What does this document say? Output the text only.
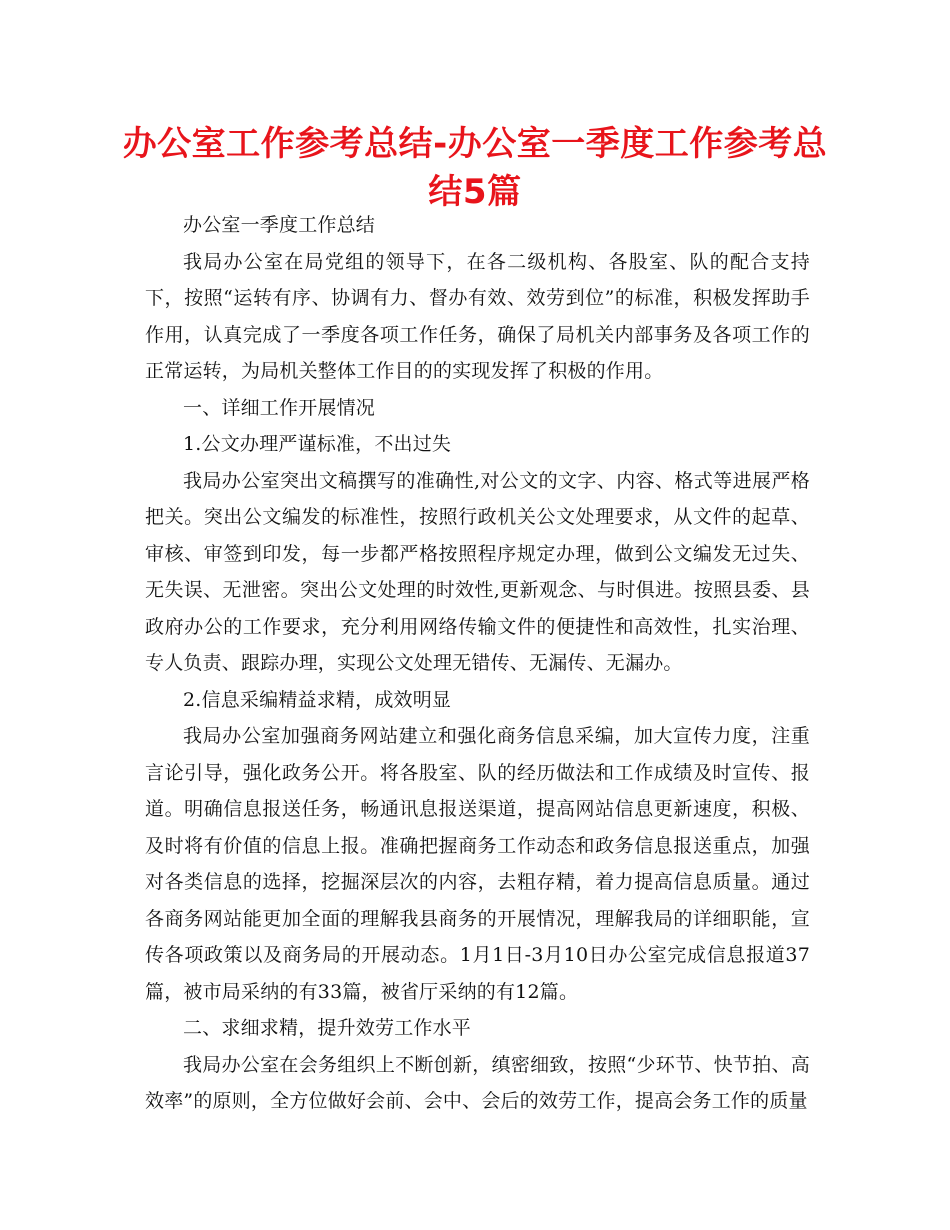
办公室工作参考总结-办公室一季度工作参考总结5篇

办公室一季度工作总结

我局办公室在局党组的领导下，在各二级机构、各股室、队的配合支持下，按照“运转有序、协调有力、督办有效、效劳到位”的标准，积极发挥助手作用，认真完成了一季度各项工作任务，确保了局机关内部事务及各项工作的正常运转，为局机关整体工作目的的实现发挥了积极的作用。

一、详细工作开展情况

1.公文办理严谨标准，不出过失

我局办公室突出文稿撰写的准确性,对公文的文字、内容、格式等进展严格把关。突出公文编发的标准性，按照行政机关公文处理要求，从文件的起草、审核、审签到印发，每一步都严格按照程序规定办理，做到公文编发无过失、无失误、无泄密。突出公文处理的时效性,更新观念、与时俱进。按照县委、县政府办公的工作要求，充分利用网络传输文件的便捷性和高效性，扎实治理、专人负责、跟踪办理，实现公文处理无错传、无漏传、无漏办。

2.信息采编精益求精，成效明显

我局办公室加强商务网站建立和强化商务信息采编，加大宣传力度，注重言论引导，强化政务公开。将各股室、队的经历做法和工作成绩及时宣传、报道。明确信息报送任务，畅通讯息报送渠道，提高网站信息更新速度，积极、及时将有价值的信息上报。准确把握商务工作动态和政务信息报送重点，加强对各类信息的选择，挖掘深层次的内容，去粗存精，着力提高信息质量。通过各商务网站能更加全面的理解我县商务的开展情况，理解我局的详细职能，宣传各项政策以及商务局的开展动态。1月1日-3月10日办公室完成信息报道37篇，被市局采纳的有33篇，被省厅采纳的有12篇。

二、求细求精，提升效劳工作水平

我局办公室在会务组织上不断创新，缜密细致，按照“少环节、快节拍、高效率”的原则，全方位做好会前、会中、会后的效劳工作，提高会务工作的质量
